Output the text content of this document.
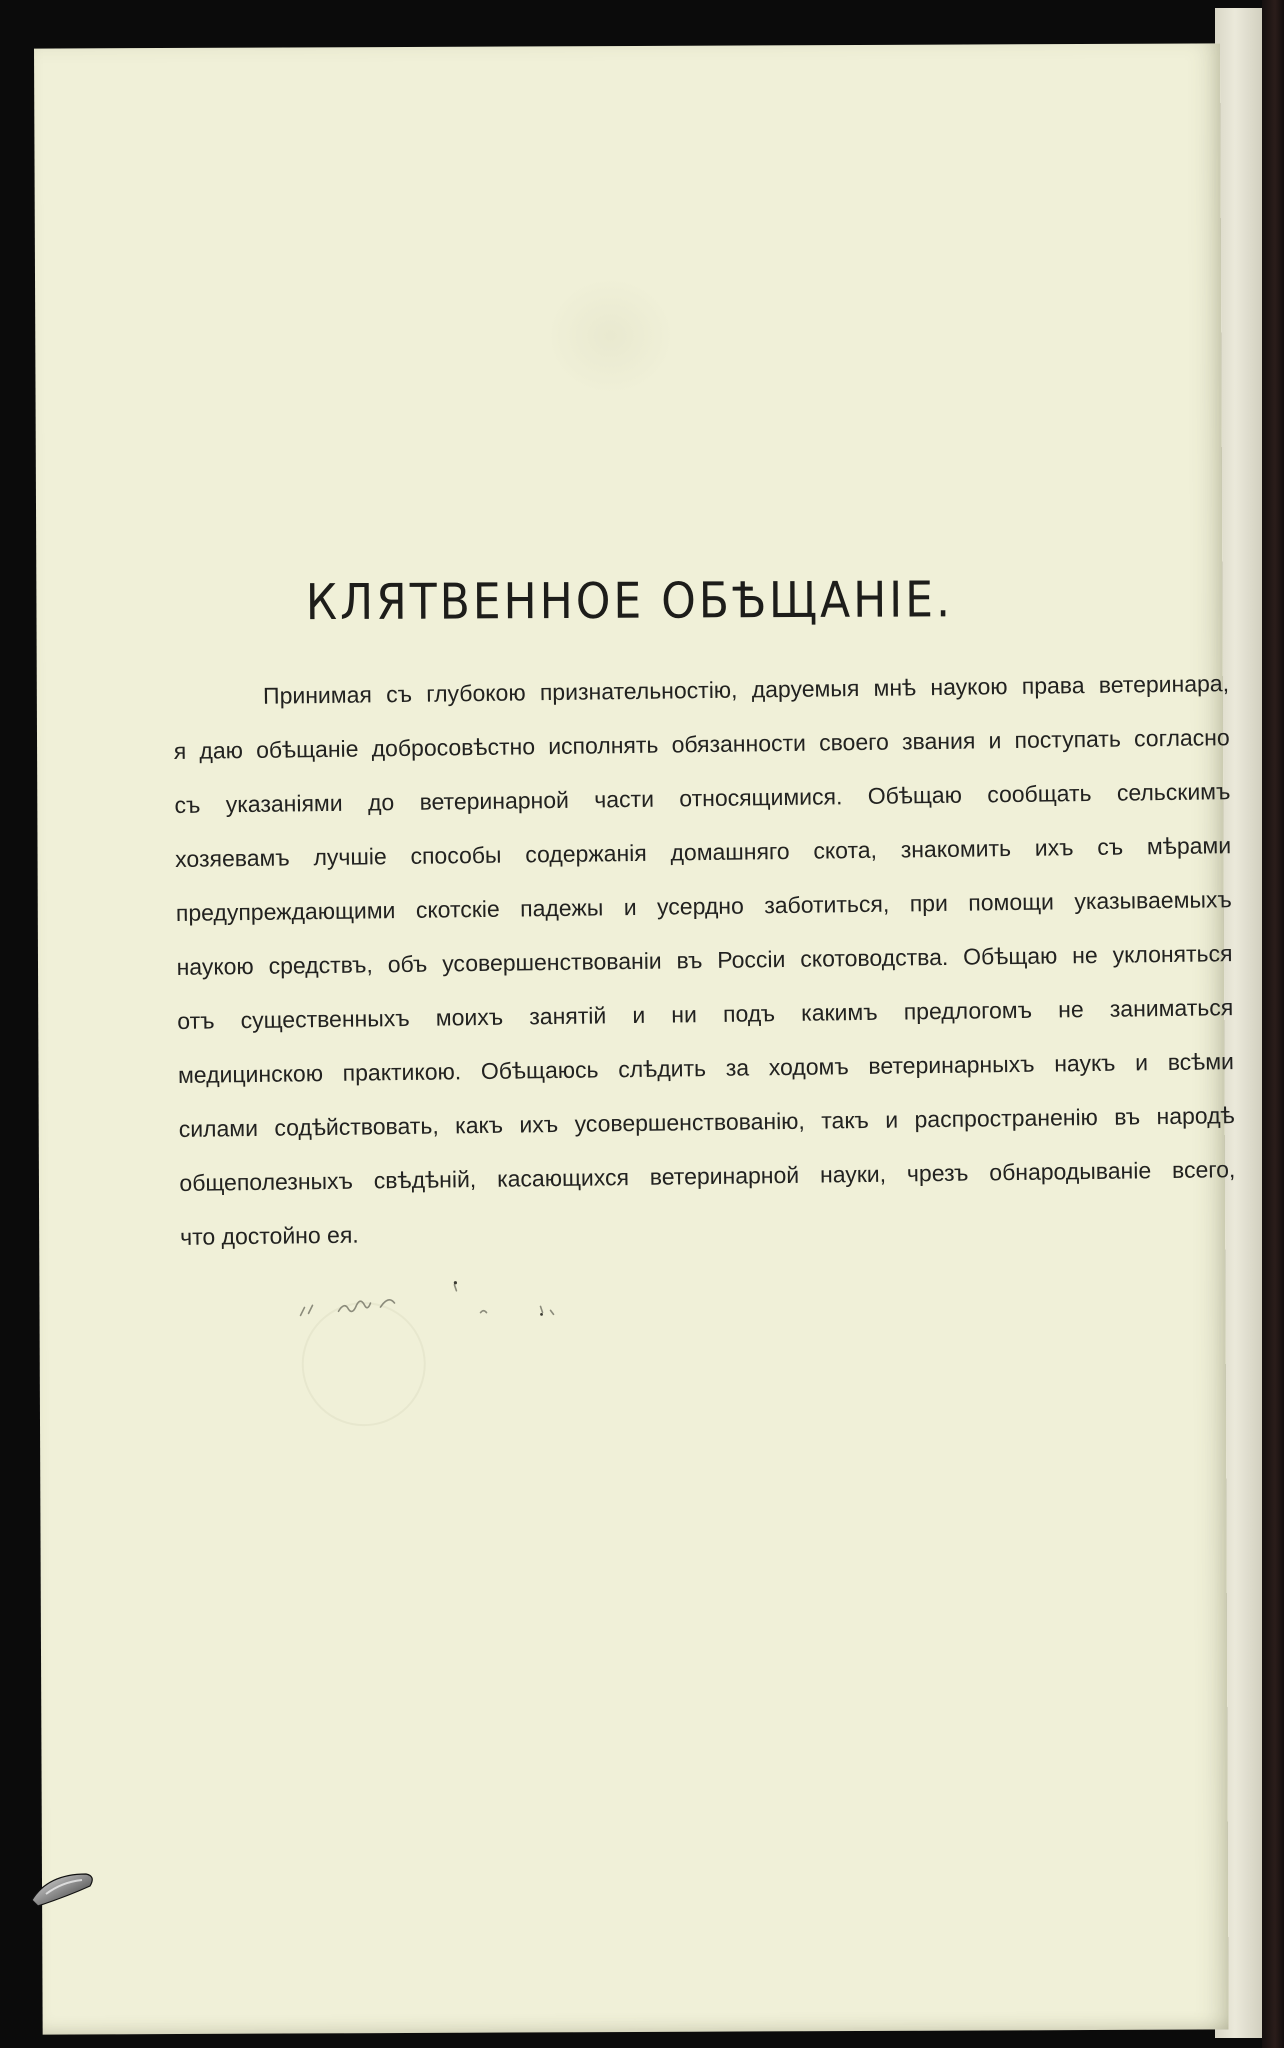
КЛЯТВЕННОЕ ОБѢЩАНІЕ.
Принимая съ глубокою признательностію, даруемыя мнѣ наукою права ветеринара,
я даю обѣщаніе добросовѣстно исполнять обязанности своего звания и поступать согласно
съ указаніями до ветеринарной части относящимися. Обѣщаю сообщать сельскимъ
хозяевамъ лучшіе способы содержанія домашняго скота, знакомить ихъ съ мѣрами
предупреждающими скотскіе падежы и усердно заботиться, при помощи указываемыхъ
наукою средствъ, объ усовершенствованіи въ Россіи скотоводства. Обѣщаю не уклоняться
отъ существенныхъ моихъ занятій и ни подъ какимъ предлогомъ не заниматься
медицинскою практикою. Обѣщаюсь слѣдить за ходомъ ветеринарныхъ наукъ и всѣми
силами содѣйствовать, какъ ихъ усовершенствованію, такъ и распространенію въ народѣ
общеполезныхъ свѣдѣній, касающихся ветеринарной науки, чрезъ обнародываніе всего,
что достойно ея.
